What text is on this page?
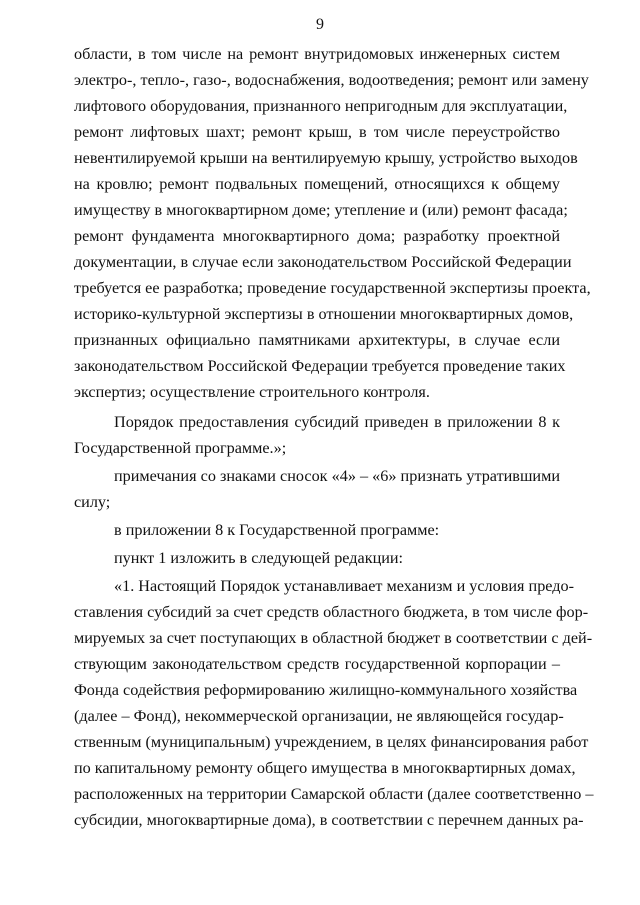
9
области, в том числе на ремонт внутридомовых инженерных систем
электро-, тепло-, газо-, водоснабжения, водоотведения; ремонт или замену
лифтового оборудования, признанного непригодным для эксплуатации,
ремонт лифтовых шахт; ремонт крыш, в том числе переустройство
невентилируемой крыши на вентилируемую крышу, устройство выходов
на кровлю; ремонт подвальных помещений, относящихся к общему
имуществу в многоквартирном доме; утепление и (или) ремонт фасада;
ремонт фундамента многоквартирного дома; разработку проектной
документации, в случае если законодательством Российской Федерации
требуется ее разработка; проведение государственной экспертизы проекта,
историко-культурной экспертизы в отношении многоквартирных домов,
признанных официально памятниками архитектуры, в случае если
законодательством Российской Федерации требуется проведение таких
экспертиз; осуществление строительного контроля.
Порядок предоставления субсидий приведен в приложении 8 к
Государственной программе.»;
примечания со знаками сносок «4» – «6» признать утратившими
силу;
в приложении 8 к Государственной программе:
пункт 1 изложить в следующей редакции:
«1. Настоящий Порядок устанавливает механизм и условия предо-
ставления субсидий за счет средств областного бюджета, в том числе фор-
мируемых за счет поступающих в областной бюджет в соответствии с дей-
ствующим законодательством средств государственной корпорации –
Фонда содействия реформированию жилищно-коммунального хозяйства
(далее – Фонд), некоммерческой организации, не являющейся государ-
ственным (муниципальным) учреждением, в целях финансирования работ
по капитальному ремонту общего имущества в многоквартирных домах,
расположенных на территории Самарской области (далее соответственно –
субсидии, многоквартирные дома), в соответствии с перечнем данных ра-
